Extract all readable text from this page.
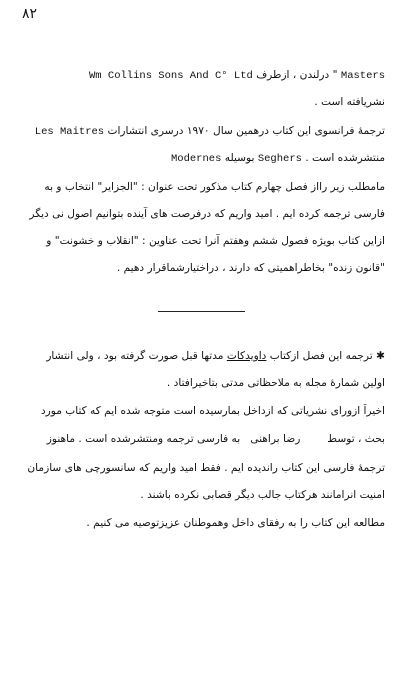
۸۲
Masters " درلندن ، ازطرف Wm Collins Sons And C° Ltd
نشریافته است .
ترجمهٔ فرانسوی این کتاب درهمین سال ۱۹۷۰ درسری انتشارات Les Maitres
منتشرشده است . Seghers بوسیله Modernes
مامطلب زیر رااز فصل چهارم کتاب مذکور تحت عنوان : "الجزایر" انتخاب و به
فارسی ترجمه کرده ایم . امید واریم که درفرصت های آینده بتوانیم اصول نی دیگر
ازاین کتاب بویژه فصول ششم وهفتم آنرا تحت عناوین : "انقلاب و خشونت" و
"قانون زنده" بخاطراهمیتی که دارند ، دراختیارشماقرار دهیم .
✱ ترجمه این فصل ازکتاب داویدکات مدتها قبل صورت گرفته بود ، ولی انتشار
اولین شمارهٔ مجله به ملاحظاتی مدتی بتاخیرافتاد .
اخیراً ازورای نشریاتی که ازداخل بمارسیده است متوجه شده ایم که کتاب مورد
بحث ، توسط        رضا براهنی   به فارسی ترجمه ومنتشرشده است . ماهنوز
ترجمهٔ فارسی این کتاب راندیده ایم . فقط امید واریم که سانسورچی های سازمان
امنیت انرامانند هرکتاب جالب دیگر قصابی نکرده باشند .
مطالعه این کتاب را به رفقای داخل وهموطنان عزیزتوصیه می کنیم .
